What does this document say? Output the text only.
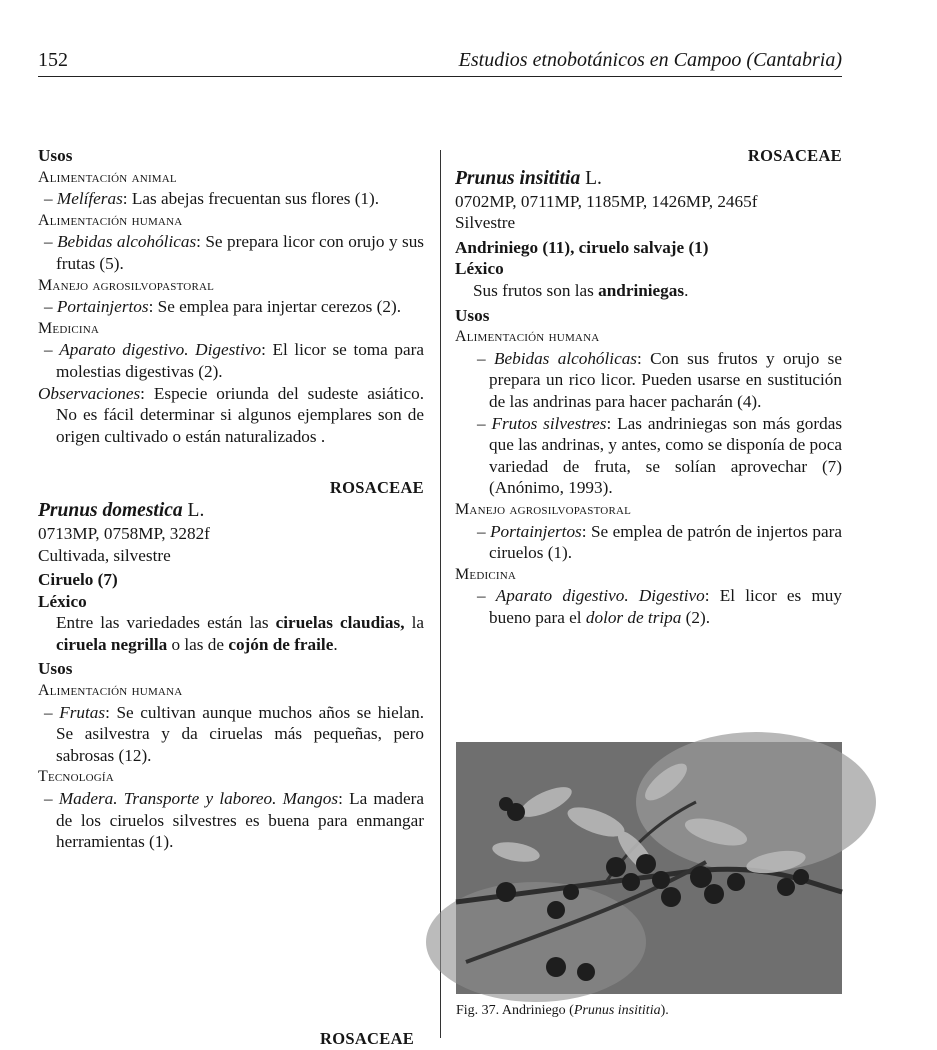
152	Estudios etnobotánicos en Campoo (Cantabria)
Usos
Alimentación animal
– Melíferas: Las abejas frecuentan sus flores (1).
Alimentación humana
– Bebidas alcohólicas: Se prepara licor con orujo y sus frutas (5).
Manejo agrosilvopastoral
– Portainjertos: Se emplea para injertar cerezos (2).
Medicina
– Aparato digestivo. Digestivo: El licor se toma para molestias digestivas (2).
Observaciones: Especie oriunda del sudeste asiático. No es fácil determinar si algunos ejemplares son de origen cultivado o están naturalizados .
ROSACEAE
Prunus domestica L.
0713MP, 0758MP, 3282f
Cultivada, silvestre
Ciruelo (7)
Léxico
Entre las variedades están las ciruelas claudias, la ciruela negrilla o las de cojón de fraile.
Usos
Alimentación humana
– Frutas: Se cultivan aunque muchos años se hielan. Se asilvestra y da ciruelas más pequeñas, pero sabrosas (12).
Tecnología
– Madera. Transporte y laboreo. Mangos: La madera de los ciruelos silvestres es buena para enmangar herramientas (1).
ROSACEAE
ROSACEAE
Prunus insititia L.
0702MP, 0711MP, 1185MP, 1426MP, 2465f
Silvestre
Andriniego (11), ciruelo salvaje (1)
Léxico
Sus frutos son las andriniegas.
Usos
Alimentación humana
– Bebidas alcohólicas: Con sus frutos y orujo se prepara un rico licor. Pueden usarse en sustitución de las andrinas para hacer pacharán (4).
– Frutos silvestres: Las andriniegas son más gordas que las andrinas, y antes, como se disponía de poca variedad de fruta, se solían aprovechar (7) (Anónimo, 1993).
Manejo agrosilvopastoral
– Portainjertos: Se emplea de patrón de injertos para ciruelos (1).
Medicina
– Aparato digestivo. Digestivo: El licor es muy bueno para el dolor de tripa (2).
Fig. 37. Andriniego (Prunus insititia).
